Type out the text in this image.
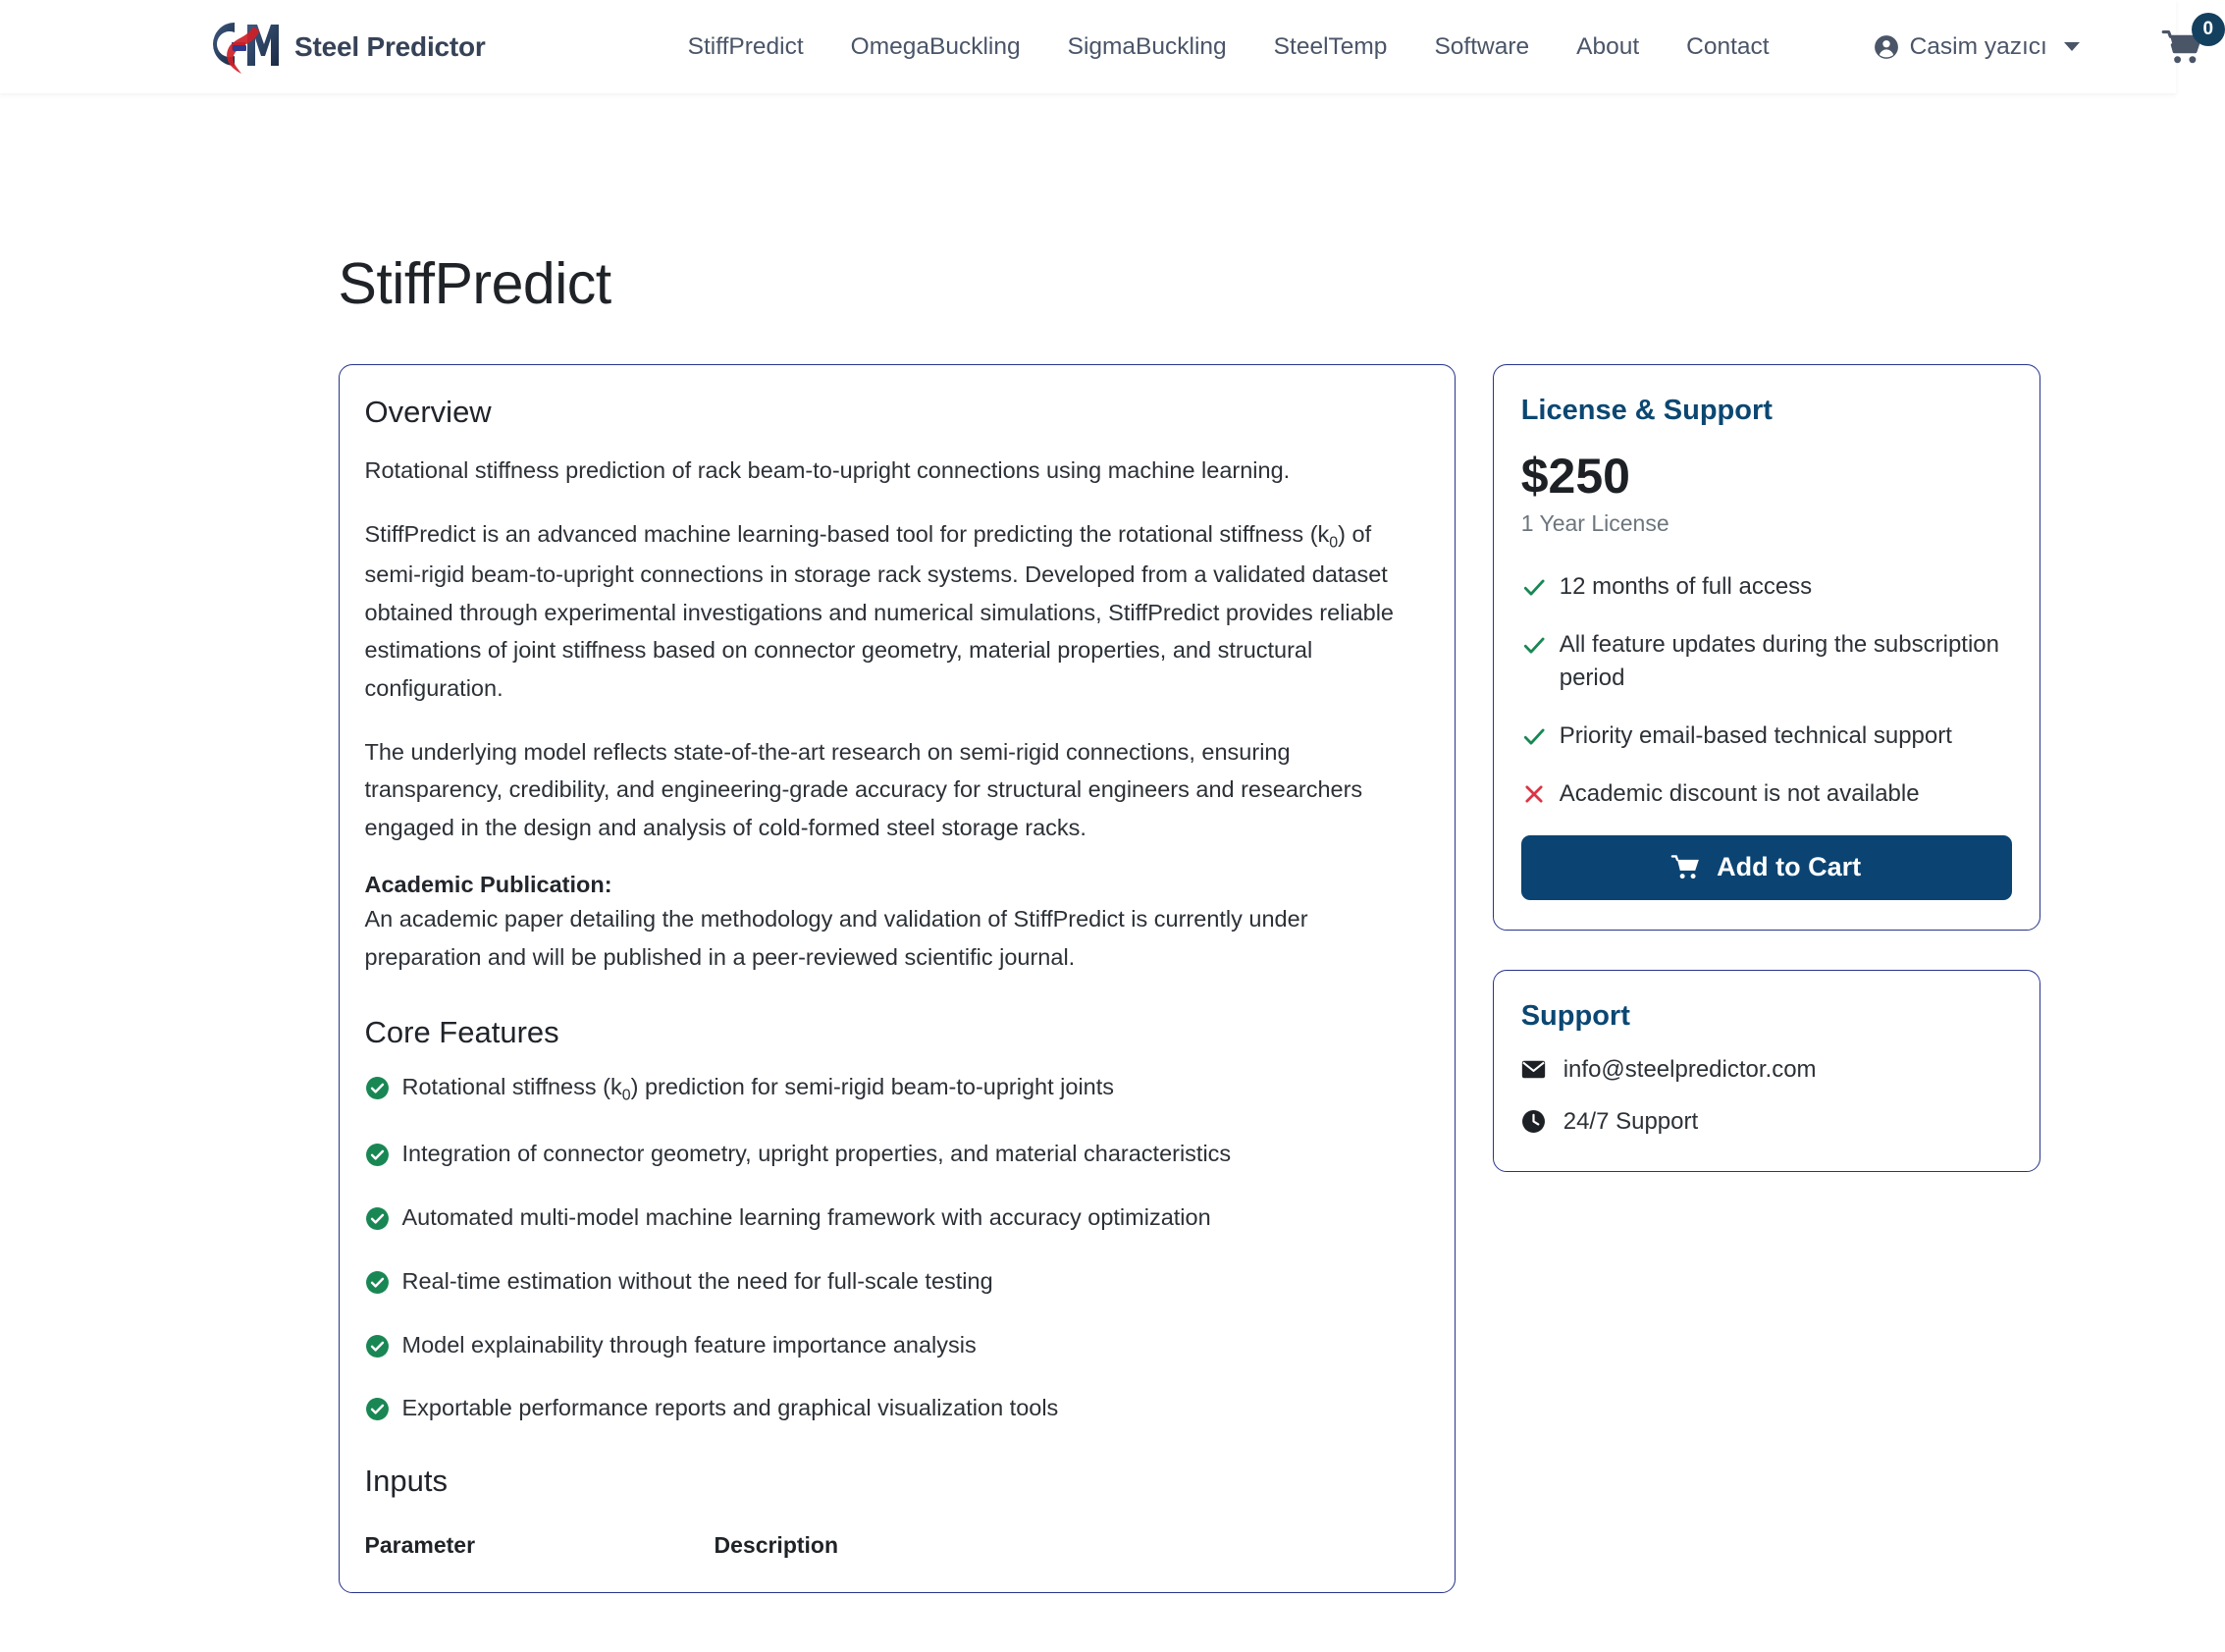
Steel Predictor	StiffPredict	OmegaBuckling	SigmaBuckling	SteelTemp	Software	About	Contact	Casim yazıcı
0
StiffPredict
Overview

Rotational stiffness prediction of rack beam-to-upright connections using machine learning.

StiffPredict is an advanced machine learning-based tool for predicting the rotational stiffness $(k_0)$ of semi-rigid beam-to-upright connections in storage rack systems. Developed from a validated dataset obtained through experimental investigations and numerical simulations, StiffPredict provides reliable estimations of joint stiffness based on connector geometry, material properties, and structural configuration.

The underlying model reflects state-of-the-art research on semi-rigid connections, ensuring transparency, credibility, and engineering-grade accuracy for structural engineers and researchers engaged in the design and analysis of cold-formed steel storage racks.

Academic Publication:

An academic paper detailing the methodology and validation of StiffPredict is currently under preparation and will be published in a peer-reviewed scientific journal.

Core Features
Rotational stiffness $(k_0)$ prediction for semi-rigid beam-to-upright joints
Integration of connector geometry, upright properties, and material characteristics
Automated multi-model machine learning framework with accuracy optimization
Real-time estimation without the need for full-scale testing
Model explainability through feature importance analysis
Exportable performance reports and graphical visualization tools
Inputs
Parameter	Description
License & Support
$250
1 Year License
12 months of full access
All feature updates during the subscription period
Priority email-based technical support
Academic discount is not available
Add to Cart
Support
info@steelpredictor.com
24/7 Support
